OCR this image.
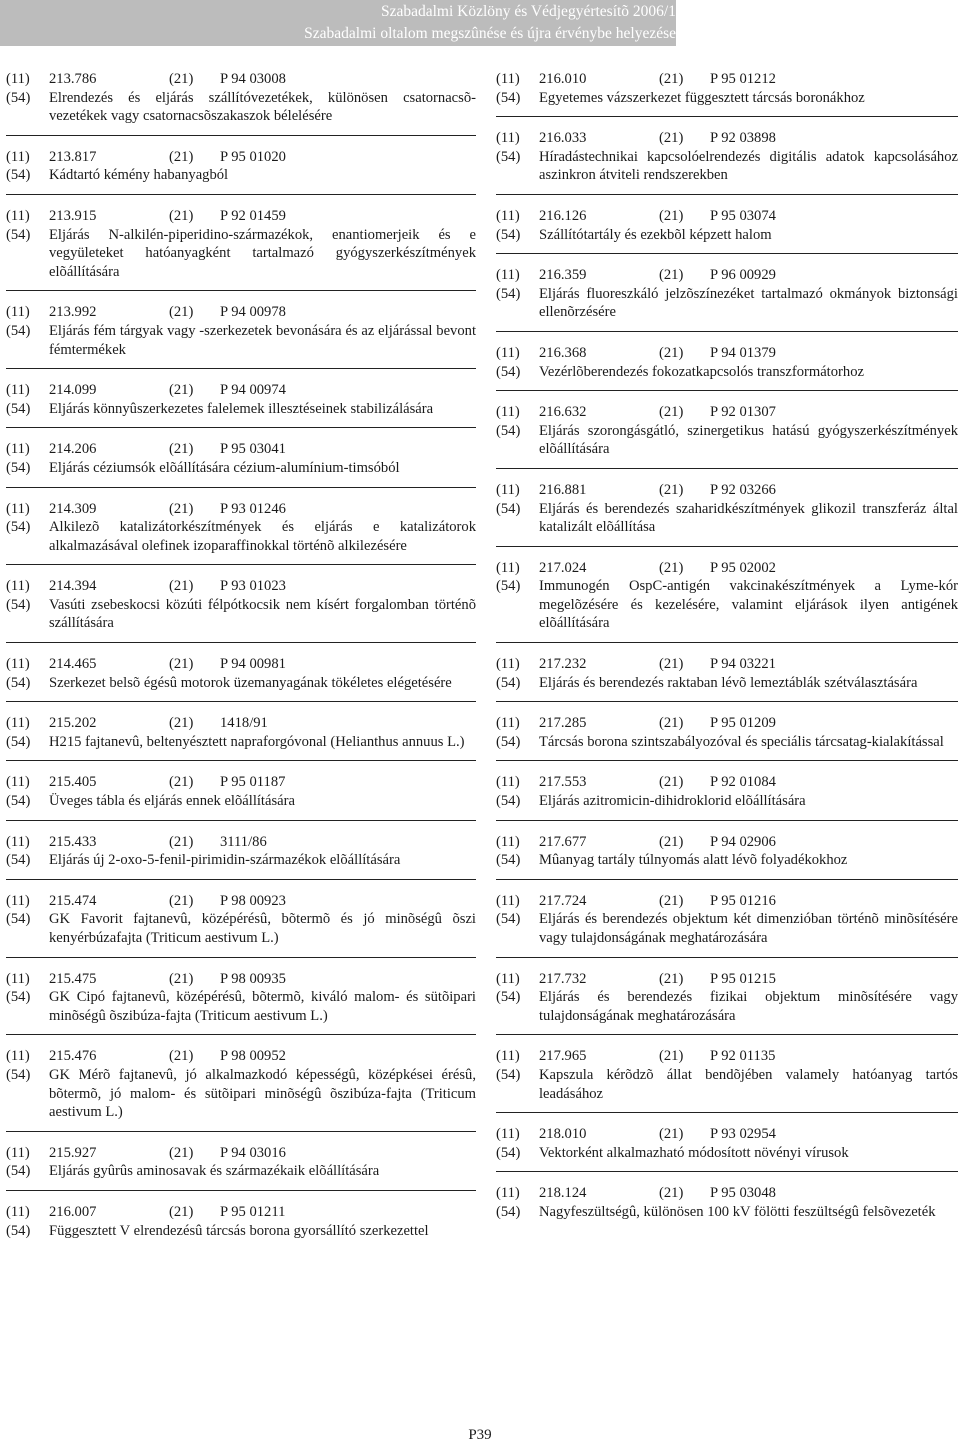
Szabadalmi Közlöny és Védjegyértesítõ 2006/1
Szabadalmi oltalom megszûnése és újra érvénybe helyezése
(11) 213.786	(21) P 94 03008
(54)	Elrendezés és eljárás szállítóvezetékek, különösen csatornacsõ-vezetékek vagy csatornacsõszakaszok bélelésére
(11) 213.817	(21) P 95 01020
(54)	Kádtartó kémény habanyagból
(11) 213.915	(21) P 92 01459
(54)	Eljárás N-alkilén-piperidino-származékok, enantiomerjeik és e vegyületeket hatóanyagként tartalmazó gyógyszerkészítmények elõállítására
(11) 213.992	(21) P 94 00978
(54)	Eljárás fém tárgyak vagy -szerkezetek bevonására és az eljárással bevont fémtermékek
(11) 214.099	(21) P 94 00974
(54)	Eljárás könnyûszerkezetes falelemek illesztéseinek stabilizálására
(11) 214.206	(21) P 95 03041
(54)	Eljárás céziumsók elõállítására cézium-alumínium-timsóból
(11) 214.309	(21) P 93 01246
(54)	Alkilezõ katalizátorkészítmények és eljárás e katalizátorok alkalmazásával olefinek izoparaffinokkal történõ alkilezésére
(11) 214.394	(21) P 93 01023
(54)	Vasúti zsebeskocsi közúti félpótkocsik nem kísért forgalomban történõ szállítására
(11) 214.465	(21) P 94 00981
(54)	Szerkezet belsõ égésû motorok üzemanyagának tökéletes elégetésére
(11) 215.202	(21) 1418/91
(54)	H215 fajtanevû, beltenyésztett napraforgóvonal (Helianthus annuus L.)
(11) 215.405	(21) P 95 01187
(54)	Üveges tábla és eljárás ennek elõállítására
(11) 215.433	(21) 3111/86
(54)	Eljárás új 2-oxo-5-fenil-pirimidin-származékok elõállítására
(11) 215.474	(21) P 98 00923
(54)	GK Favorit fajtanevû, középérésû, bõtermõ és jó minõségû õszi kenyérbúzafajta (Triticum aestivum L.)
(11) 215.475	(21) P 98 00935
(54)	GK Cipó fajtanevû, középérésû, bõtermõ, kiváló malom- és sütõipari minõségû õszibúza-fajta (Triticum aestivum L.)
(11) 215.476	(21) P 98 00952
(54)	GK Mérõ fajtanevû, jó alkalmazkodó képességû, középkései érésû, bõtermõ, jó malom- és sütõipari minõségû õszibúza-fajta (Triticum aestivum L.)
(11) 215.927	(21) P 94 03016
(54)	Eljárás gyûrûs aminosavak és származékaik elõállítására
(11) 216.007	(21) P 95 01211
(54)	Függesztett V elrendezésû tárcsás borona gyorsállító szerkezettel
(11) 216.010	(21) P 95 01212
(54)	Egyetemes vázszerkezet függesztett tárcsás boronákhoz
(11) 216.033	(21) P 92 03898
(54)	Híradástechnikai kapcsolóelrendezés digitális adatok kapcsolásához aszinkron átviteli rendszerekben
(11) 216.126	(21) P 95 03074
(54)	Szállítótartály és ezekbõl képzett halom
(11) 216.359	(21) P 96 00929
(54)	Eljárás fluoreszkáló jelzõszínezéket tartalmazó okmányok biztonsági ellenõrzésére
(11) 216.368	(21) P 94 01379
(54)	Vezérlõberendezés fokozatkapcsolós transzformátorhoz
(11) 216.632	(21) P 92 01307
(54)	Eljárás szorongásgátló, szinergetikus hatású gyógyszerkészítmények elõállítására
(11) 216.881	(21) P 92 03266
(54)	Eljárás és berendezés szaharidkészítmények glikozil transzferáz által katalizált elõállítása
(11) 217.024	(21) P 95 02002
(54)	Immunogén OspC-antigén vakcinakészítmények a Lyme-kór megelõzésére és kezelésére, valamint eljárások ilyen antigének elõállítására
(11) 217.232	(21) P 94 03221
(54)	Eljárás és berendezés raktaban lévõ lemeztáblák szétválasztására
(11) 217.285	(21) P 95 01209
(54)	Tárcsás borona szintszabályozóval és speciális tárcsatag-kialakítással
(11) 217.553	(21) P 92 01084
(54)	Eljárás azitromicin-dihidroklorid elõállítására
(11) 217.677	(21) P 94 02906
(54)	Mûanyag tartály túlnyomás alatt lévõ folyadékokhoz
(11) 217.724	(21) P 95 01216
(54)	Eljárás és berendezés objektum két dimenzióban történõ minõsítésére vagy tulajdonságának meghatározására
(11) 217.732	(21) P 95 01215
(54)	Eljárás és berendezés fizikai objektum minõsítésére vagy tulajdonságának meghatározására
(11) 217.965	(21) P 92 01135
(54)	Kapszula kérõdzõ állat bendõjében valamely hatóanyag tartós leadásához
(11) 218.010	(21) P 93 02954
(54)	Vektorként alkalmazható módosított növényi vírusok
(11) 218.124	(21) P 95 03048
(54)	Nagyfeszültségû, különösen 100 kV fölötti feszültségû felsõvezeték
P39
